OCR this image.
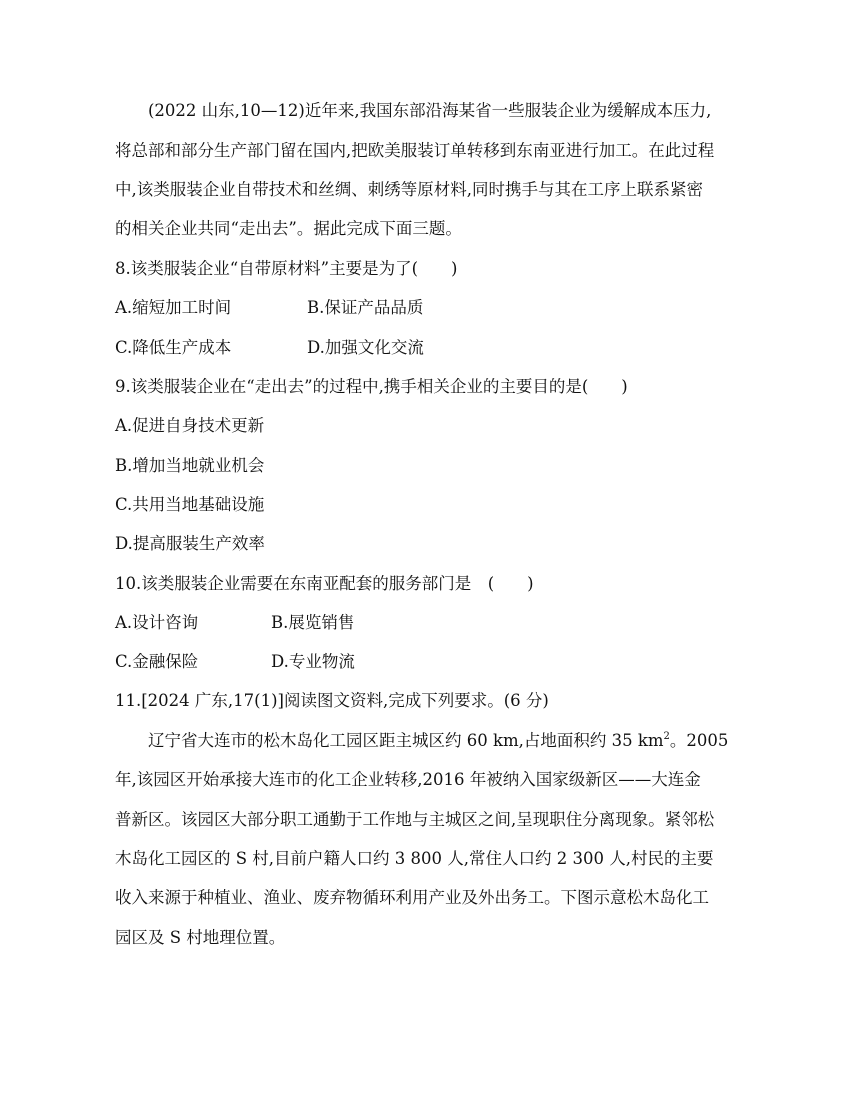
(2022 山东,10—12)近年来,我国东部沿海某省一些服装企业为缓解成本压力,
将总部和部分生产部门留在国内,把欧美服装订单转移到东南亚进行加工。在此过程
中,该类服装企业自带技术和丝绸、刺绣等原材料,同时携手与其在工序上联系紧密
的相关企业共同“走出去”。据此完成下面三题。
8.该类服装企业“自带原材料”主要是为了(　　)
A.缩短加工时间	B.保证产品品质
C.降低生产成本	D.加强文化交流
9.该类服装企业在“走出去”的过程中,携手相关企业的主要目的是(　　)
A.促进自身技术更新
B.增加当地就业机会
C.共用当地基础设施
D.提高服装生产效率
10.该类服装企业需要在东南亚配套的服务部门是　(　　)
A.设计咨询	B.展览销售
C.金融保险	D.专业物流
11.[2024 广东,17(1)]阅读图文资料,完成下列要求。(6 分)
辽宁省大连市的松木岛化工园区距主城区约 60 km,占地面积约 35 $km^2$。2005
年,该园区开始承接大连市的化工企业转移,2016 年被纳入国家级新区——大连金
普新区。该园区大部分职工通勤于工作地与主城区之间,呈现职住分离现象。紧邻松
木岛化工园区的 S 村,目前户籍人口约 3 800 人,常住人口约 2 300 人,村民的主要
收入来源于种植业、渔业、废弃物循环利用产业及外出务工。下图示意松木岛化工
园区及 S 村地理位置。
